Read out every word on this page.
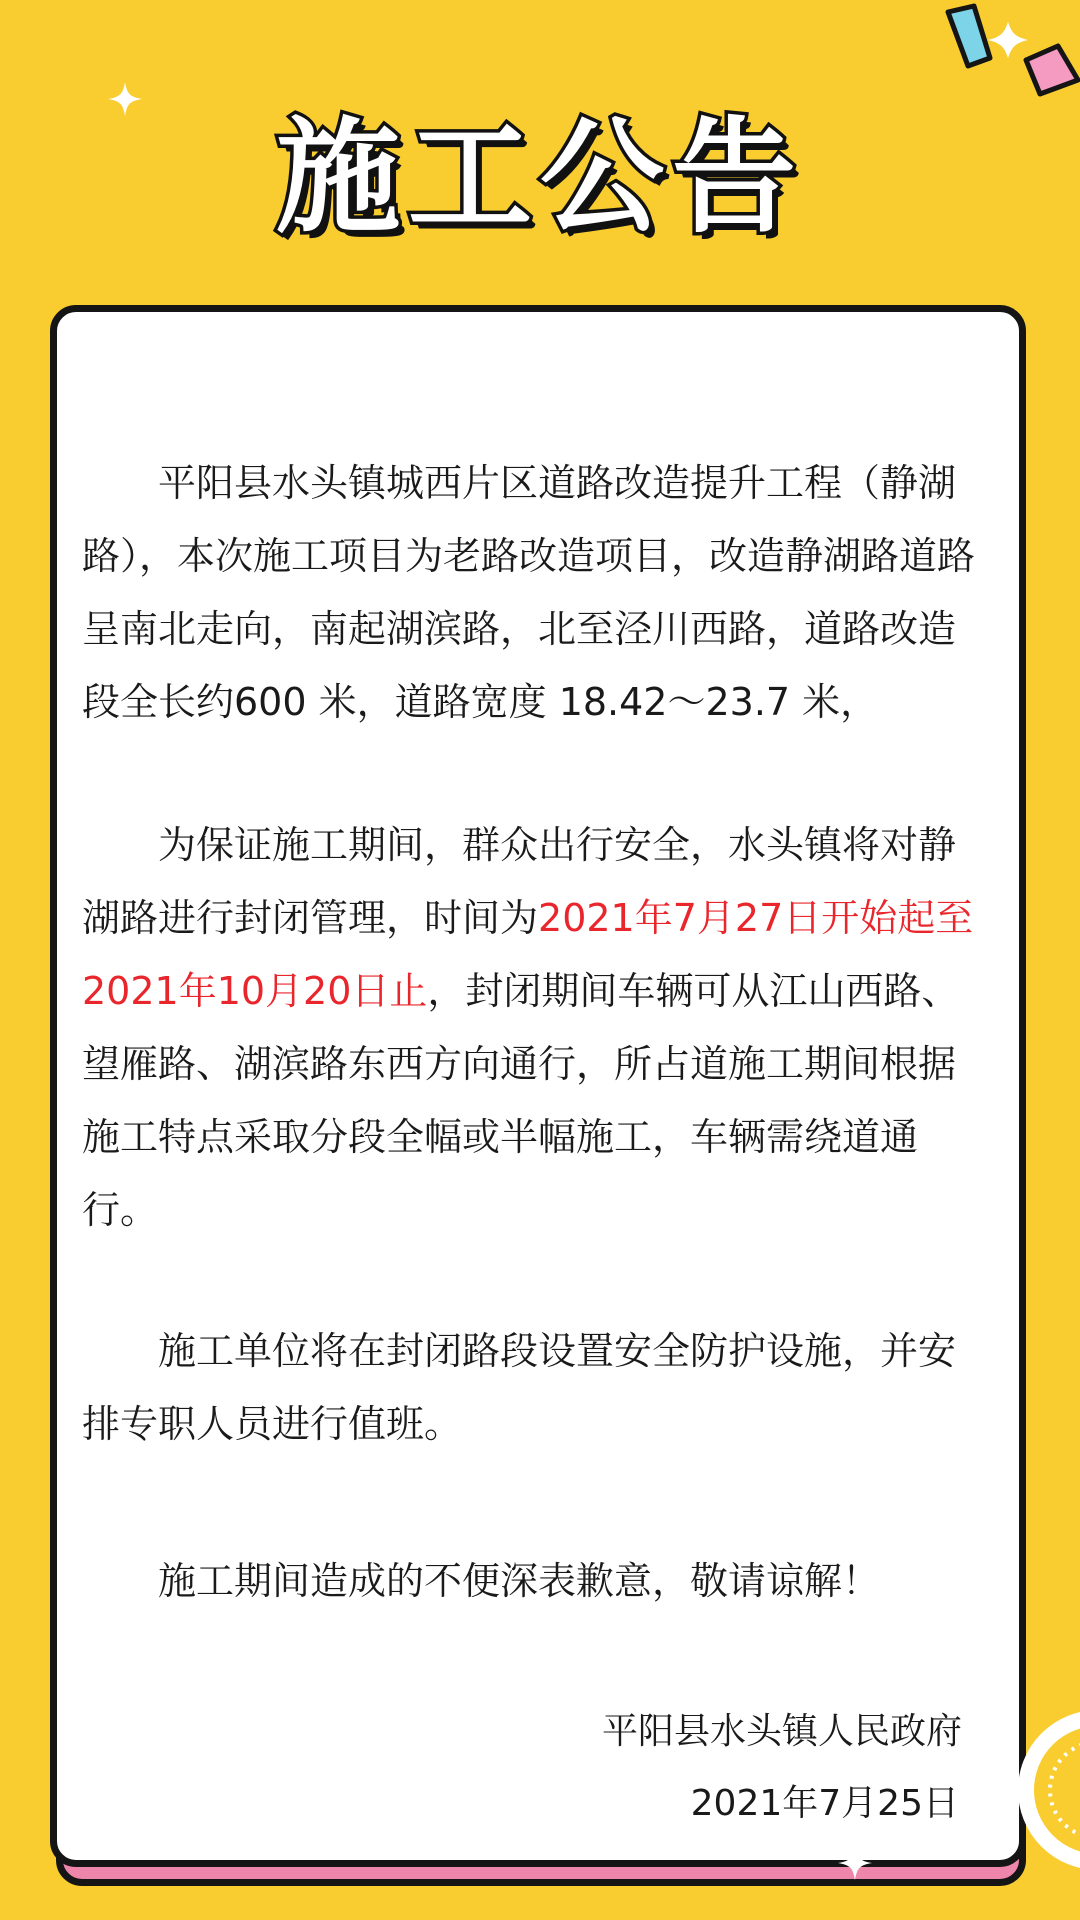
施工公告

平阳县水头镇城西片区道路改造提升工程（静湖路），本次施工项目为老路改造项目，改造静湖路道路呈南北走向，南起湖滨路，北至泾川西路，道路改造段全长约600 米，道路宽度 18.42～23.7 米，

为保证施工期间，群众出行安全，水头镇将对静湖路进行封闭管理，时间为2021年7月27日开始起至2021年10月20日止，封闭期间车辆可从江山西路、望雁路、湖滨路东西方向通行，所占道施工期间根据施工特点采取分段全幅或半幅施工，车辆需绕道通行。

施工单位将在封闭路段设置安全防护设施，并安排专职人员进行值班。

施工期间造成的不便深表歉意，敬请谅解！

平阳县水头镇人民政府

2021年7月25日
